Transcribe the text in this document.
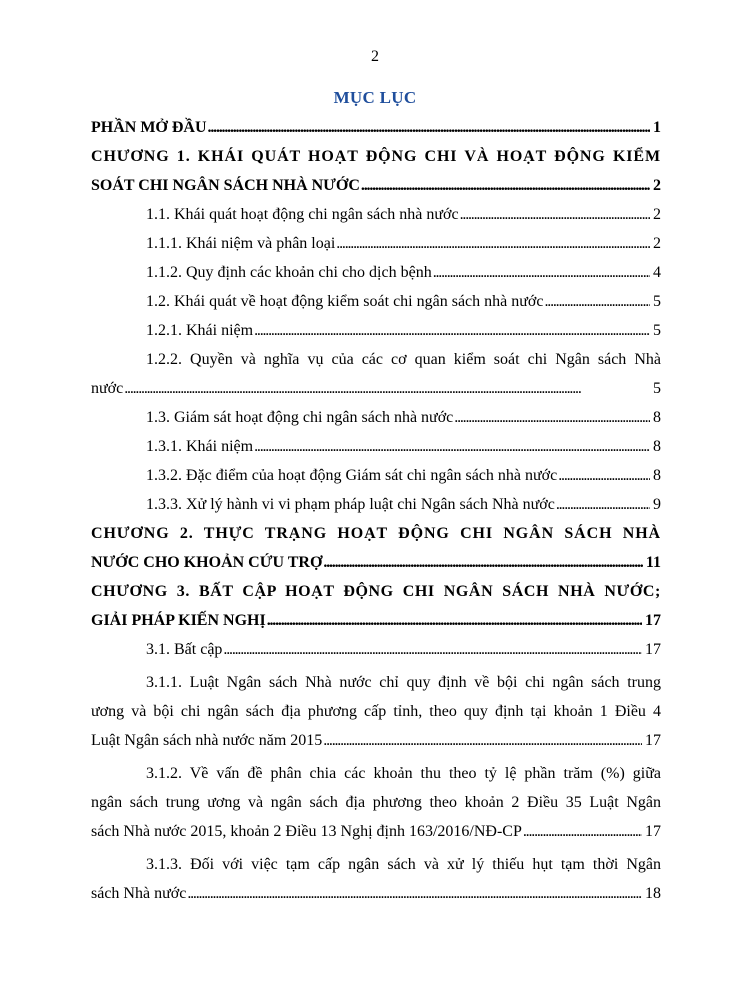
2
MỤC LỤC
PHẦN MỞ ĐẦU . . .	1
CHƯƠNG 1. KHÁI QUÁT HOẠT ĐỘNG CHI VÀ HOẠT ĐỘNG KIỂM
SOÁT CHI NGÂN SÁCH NHÀ NƯỚC . . .	2
1.1. Khái quát hoạt động chi ngân sách nhà nước . . .	2
1.1.1. Khái niệm và phân loại . . .	2
1.1.2. Quy định các khoản chi cho dịch bệnh . . .	4
1.2. Khái quát về hoạt động kiểm soát chi ngân sách nhà nước . . .	5
1.2.1. Khái niệm . . .	5
1.2.2. Quyền và nghĩa vụ của các cơ quan kiểm soát chi Ngân sách Nhà
nước . . .	5
1.3. Giám sát hoạt động chi ngân sách nhà nước . . .	8
1.3.1. Khái niệm . . .	8
1.3.2. Đặc điểm của hoạt động Giám sát chi ngân sách nhà nước . . .	8
1.3.3. Xử lý hành vi vi phạm pháp luật chi Ngân sách Nhà nước . . .	9
CHƯƠNG 2. THỰC TRẠNG HOẠT ĐỘNG CHI NGÂN SÁCH NHÀ
NƯỚC CHO KHOẢN CỨU TRỢ . . .	11
CHƯƠNG 3. BẤT CẬP HOẠT ĐỘNG CHI NGÂN SÁCH NHÀ NƯỚC;
GIẢI PHÁP KIẾN NGHỊ . . .	17
3.1. Bất cập . . .	17
3.1.1. Luật Ngân sách Nhà nước chỉ quy định về bội chi ngân sách trung
ương và bội chi ngân sách địa phương cấp tỉnh, theo quy định tại khoản 1 Điều 4
Luật Ngân sách nhà nước năm 2015 . . .	17
3.1.2. Về vấn đề phân chia các khoản thu theo tỷ lệ phần trăm (%) giữa
ngân sách trung ương và ngân sách địa phương theo khoản 2 Điều 35 Luật Ngân
sách Nhà nước 2015, khoản 2 Điều 13 Nghị định 163/2016/NĐ-CP . . .	17
3.1.3. Đối với việc tạm cấp ngân sách và xử lý thiếu hụt tạm thời Ngân
sách Nhà nước . . .	18
